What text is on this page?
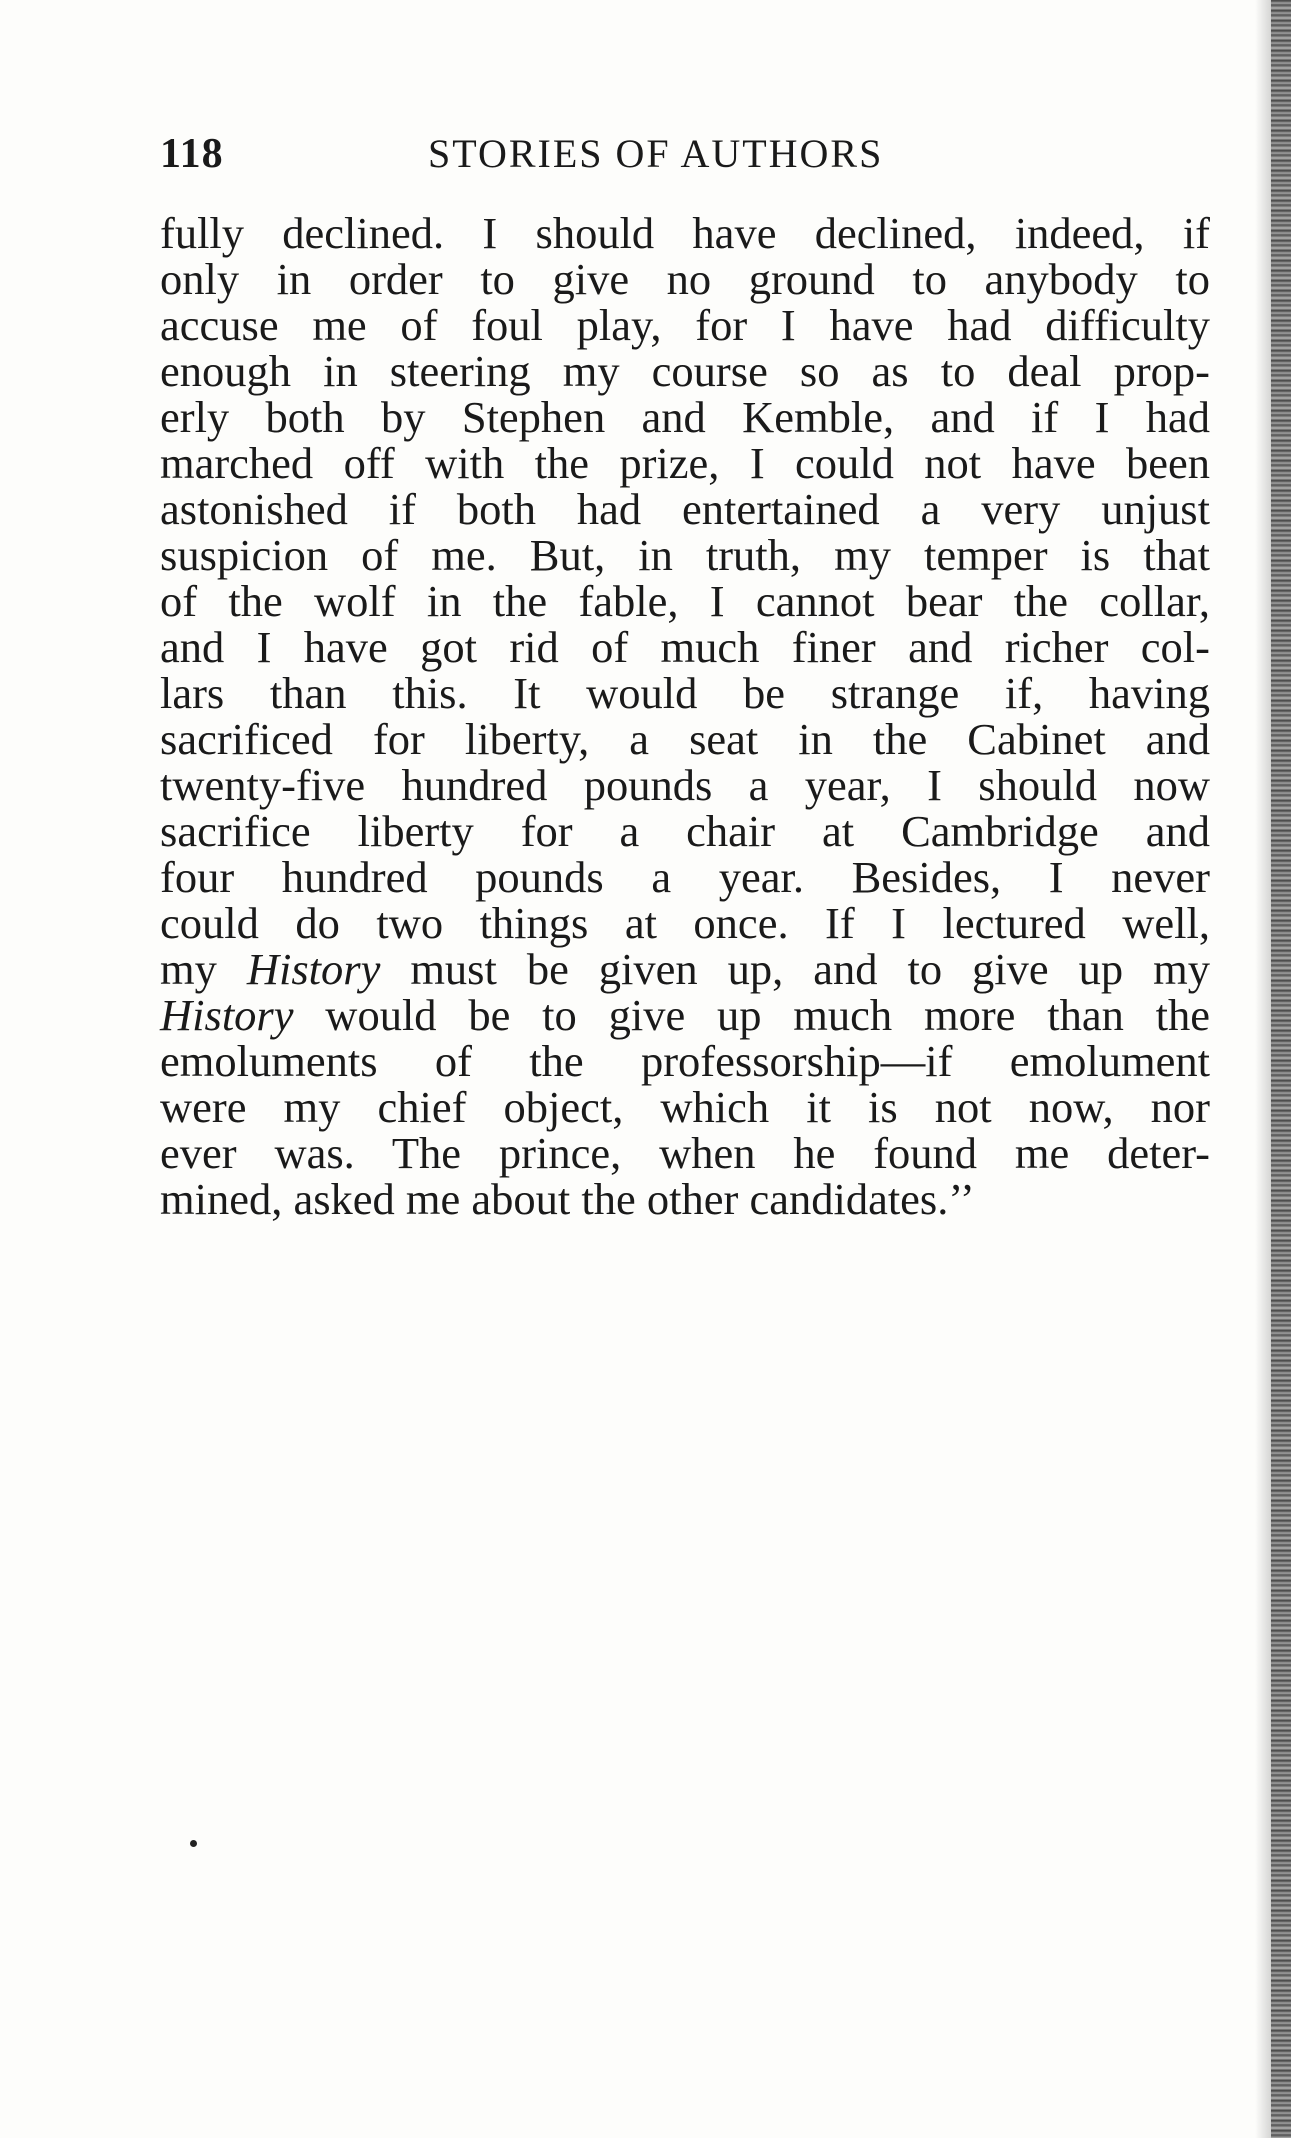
118	STORIES OF AUTHORS
fully declined. I should have declined, indeed, if
only in order to give no ground to anybody to
accuse me of foul play, for I have had difficulty
enough in steering my course so as to deal prop-
erly both by Stephen and Kemble, and if I had
marched off with the prize, I could not have been
astonished if both had entertained a very unjust
suspicion of me. But, in truth, my temper is that
of the wolf in the fable, I cannot bear the collar,
and I have got rid of much finer and richer col-
lars than this. It would be strange if, having
sacrificed for liberty, a seat in the Cabinet and
twenty-five hundred pounds a year, I should now
sacrifice liberty for a chair at Cambridge and
four hundred pounds a year. Besides, I never
could do two things at once. If I lectured well,
my History must be given up, and to give up my
History would be to give up much more than the
emoluments of the professorship—if emolument
were my chief object, which it is not now, nor
ever was. The prince, when he found me deter-
mined, asked me about the other candidates.’’
